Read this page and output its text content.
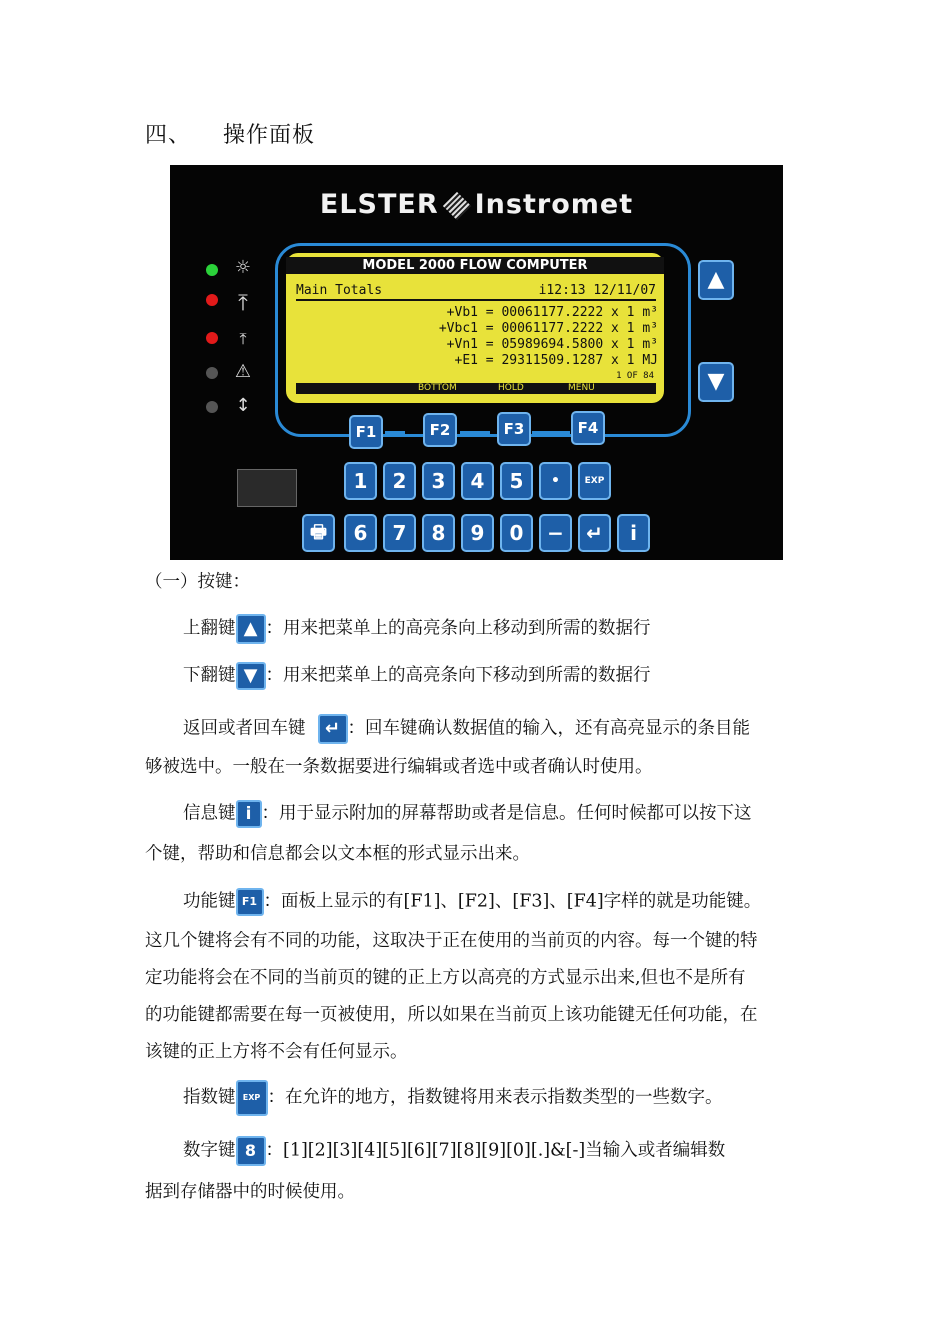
四、 操作面板
ELSTER Instromet
☼
⤒
⤒
⚠
↕
MODEL 2000 FLOW COMPUTER
Main Totals	i12:13 12/11/07
+Vb1 = 00061177.2222 x 1 m³
+Vbc1 = 00061177.2222 x 1 m³
+Vn1 = 05989694.5800 x 1 m³
+E1 = 29311509.1287 x 1 MJ
1 OF 84
BOTTOM	HOLD	MENU
▲
▼
F1	F2	F3	F4
1	2	3	4	5	•	EXP
🖶	6	7	8	9	0	−	↵	i
（一）按键：
上翻键 ▲ ：用来把菜单上的高亮条向上移动到所需的数据行
下翻键 ▼ ：用来把菜单上的高亮条向下移动到所需的数据行
返回或者回车键 ↵ ：回车键确认数据值的输入，还有高亮显示的条目能
够被选中。一般在一条数据要进行编辑或者选中或者确认时使用。
信息键 i ：用于显示附加的屏幕帮助或者是信息。任何时候都可以按下这
个键，帮助和信息都会以文本框的形式显示出来。
功能键 F1 ：面板上显示的有[F1]、[F2]、[F3]、[F4]字样的就是功能键。
这几个键将会有不同的功能，这取决于正在使用的当前页的内容。每一个键的特
定功能将会在不同的当前页的键的正上方以高亮的方式显示出来,但也不是所有
的功能键都需要在每一页被使用，所以如果在当前页上该功能键无任何功能，在
该键的正上方将不会有任何显示。
指数键 EXP ：在允许的地方，指数键将用来表示指数类型的一些数字。
数字键 8 ：[1][2][3][4][5][6][7][8][9][0][.]&[-]当输入或者编辑数
据到存储器中的时候使用。
